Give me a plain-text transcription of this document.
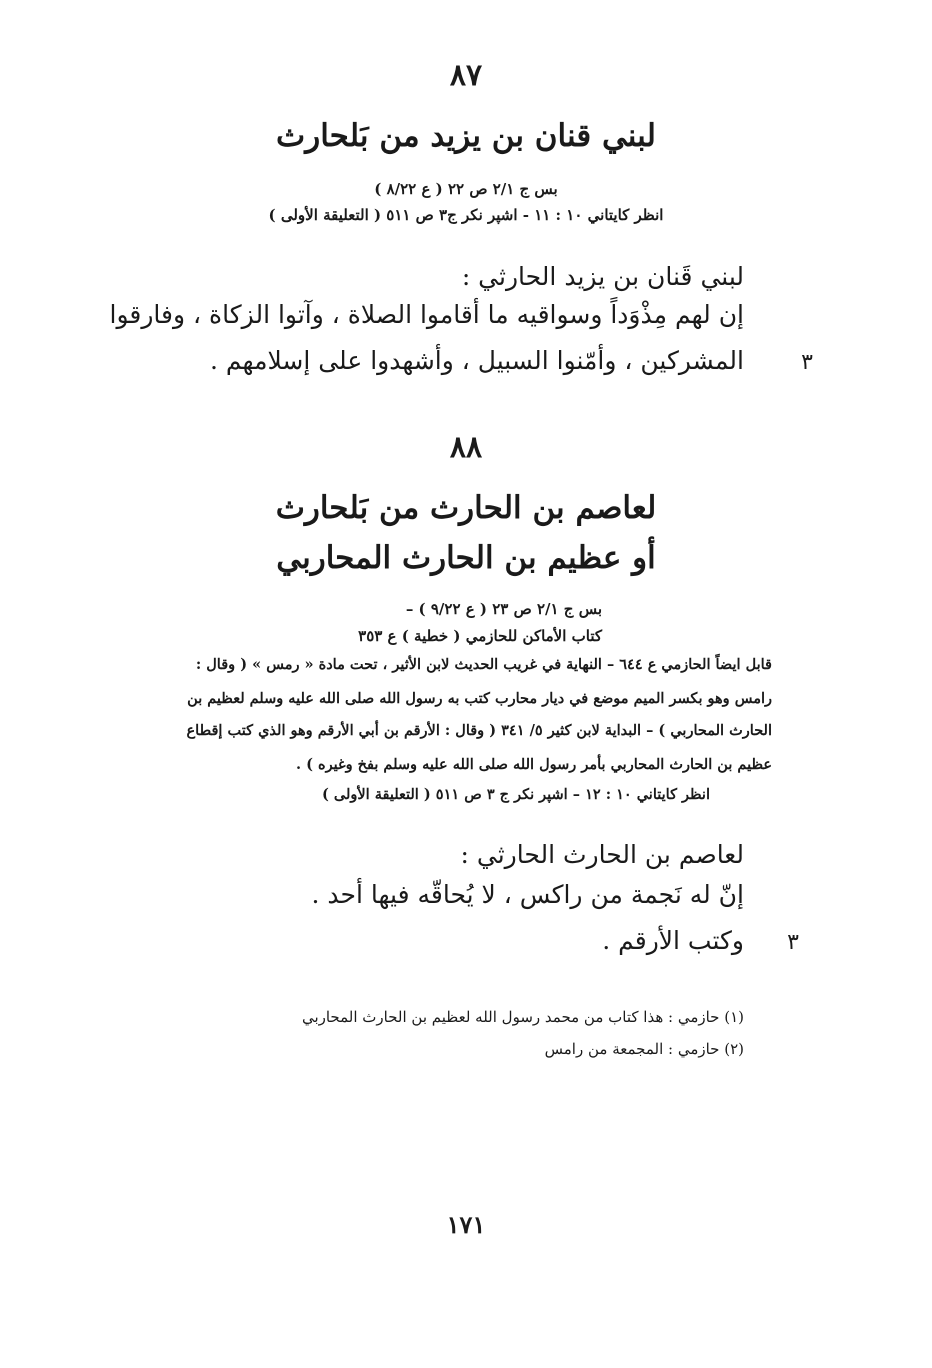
٨٧
لبني قنان بن يزيد من بَلحارث
بس ج ٢/١ ص ٢٢ ( ع ٨/٢٢ )
انظر كايتاني ١٠ : ١١ - اشپر نكر ج٣ ص ٥١١ ( التعليقة الأولى )
لبني قَنان بن يزيد الحارثي :
إن لهم مِذْوَداً وسواقيه ما أقاموا الصلاة ، وآتوا الزكاة ، وفارقوا
المشركين ، وأمّنوا السبيل ، وأشهدوا على إسلامهم .	٣
٨٨
لعاصم بن الحارث من بَلحارث
أو عظيم بن الحارث المحاربي
بس ج ٢/١ ص ٢٣ ( ع ٩/٢٢ ) –
كتاب الأماكن للحازمي ( خطية ) ع ٣٥٣
قابل ايضاً الحازمي ع ٦٤٤ – النهاية في غريب الحديث لابن الأثير ، تحت مادة « رمس » ( وقال :
رامس وهو بكسر الميم موضع في ديار محارب كتب به رسول الله صلى الله عليه وسلم لعظيم بن
الحارث المحاربي ) – البداية لابن كثير ٥/ ٣٤١ ( وقال : الأرقم بن أبي الأرقم وهو الذي كتب إقطاع
عظيم بن الحارث المحاربي بأمر رسول الله صلى الله عليه وسلم بفخ وغيره ) .
انظر كايتاني ١٠ : ١٢ – اشپر نكر ج ٣ ص ٥١١ ( التعليقة الأولى )
لعاصم بن الحارث الحارثي :
إنّ له نَجمة من راكس ، لا يُحاقّه فيها أحد .
وكتب الأرقم .	٣
(١) حازمي : هذا كتاب من محمد رسول الله لعظيم بن الحارث المحاربي
(٢) حازمي : المجمعة من رامس
١٧١
